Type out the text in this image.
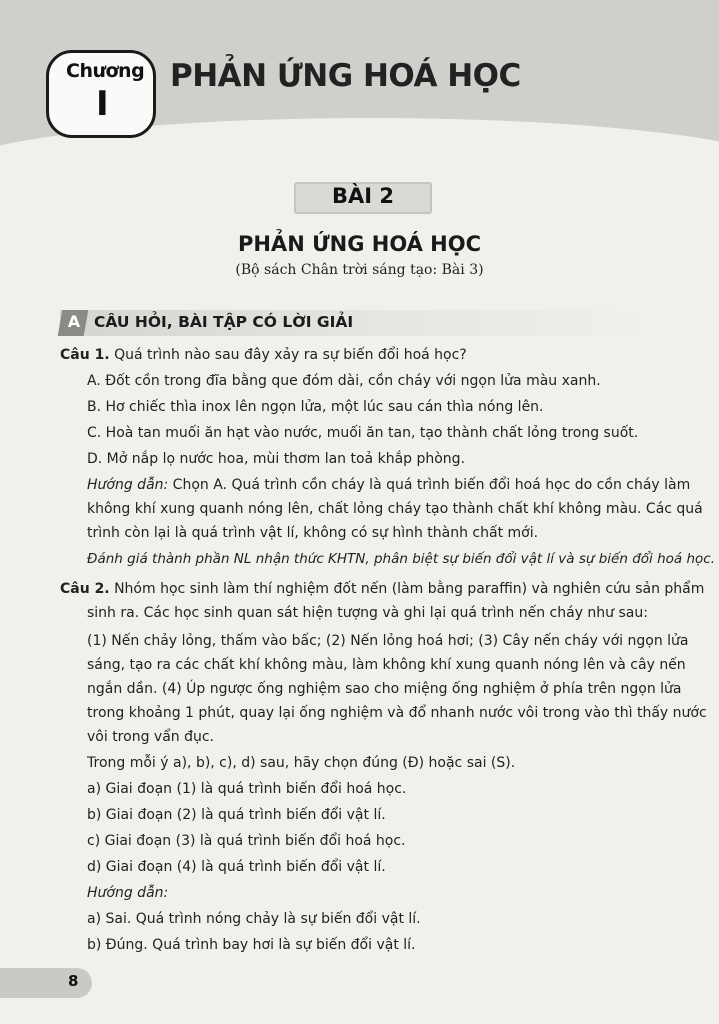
Chương
I
PHẢN ỨNG HOÁ HỌC
BÀI 2
PHẢN ỨNG HOÁ HỌC
(Bộ sách Chân trời sáng tạo: Bài 3)
A CÂU HỎI, BÀI TẬP CÓ LỜI GIẢI
Câu 1. Quá trình nào sau đây xảy ra sự biến đổi hoá học?
A. Đốt cồn trong đĩa bằng que đóm dài, cồn cháy với ngọn lửa màu xanh.
B. Hơ chiếc thìa inox lên ngọn lửa, một lúc sau cán thìa nóng lên.
C. Hoà tan muối ăn hạt vào nước, muối ăn tan, tạo thành chất lỏng trong suốt.
D. Mở nắp lọ nước hoa, mùi thơm lan toả khắp phòng.
Hướng dẫn: Chọn A. Quá trình cồn cháy là quá trình biến đổi hoá học do cồn cháy làm
không khí xung quanh nóng lên, chất lỏng cháy tạo thành chất khí không màu. Các quá
trình còn lại là quá trình vật lí, không có sự hình thành chất mới.
Đánh giá thành phần NL nhận thức KHTN, phân biệt sự biến đổi vật lí và sự biến đổi hoá học.
Câu 2. Nhóm học sinh làm thí nghiệm đốt nến (làm bằng paraffin) và nghiên cứu sản phẩm
sinh ra. Các học sinh quan sát hiện tượng và ghi lại quá trình nến cháy như sau:
(1) Nến chảy lỏng, thấm vào bấc; (2) Nến lỏng hoá hơi; (3) Cây nến cháy với ngọn lửa
sáng, tạo ra các chất khí không màu, làm không khí xung quanh nóng lên và cây nến
ngắn dần. (4) Úp ngược ống nghiệm sao cho miệng ống nghiệm ở phía trên ngọn lửa
trong khoảng 1 phút, quay lại ống nghiệm và đổ nhanh nước vôi trong vào thì thấy nước
vôi trong vẩn đục.
Trong mỗi ý a), b), c), d) sau, hãy chọn đúng (Đ) hoặc sai (S).
a) Giai đoạn (1) là quá trình biến đổi hoá học.
b) Giai đoạn (2) là quá trình biến đổi vật lí.
c) Giai đoạn (3) là quá trình biến đổi hoá học.
d) Giai đoạn (4) là quá trình biến đổi vật lí.
Hướng dẫn:
a) Sai. Quá trình nóng chảy là sự biến đổi vật lí.
b) Đúng. Quá trình bay hơi là sự biến đổi vật lí.
8
